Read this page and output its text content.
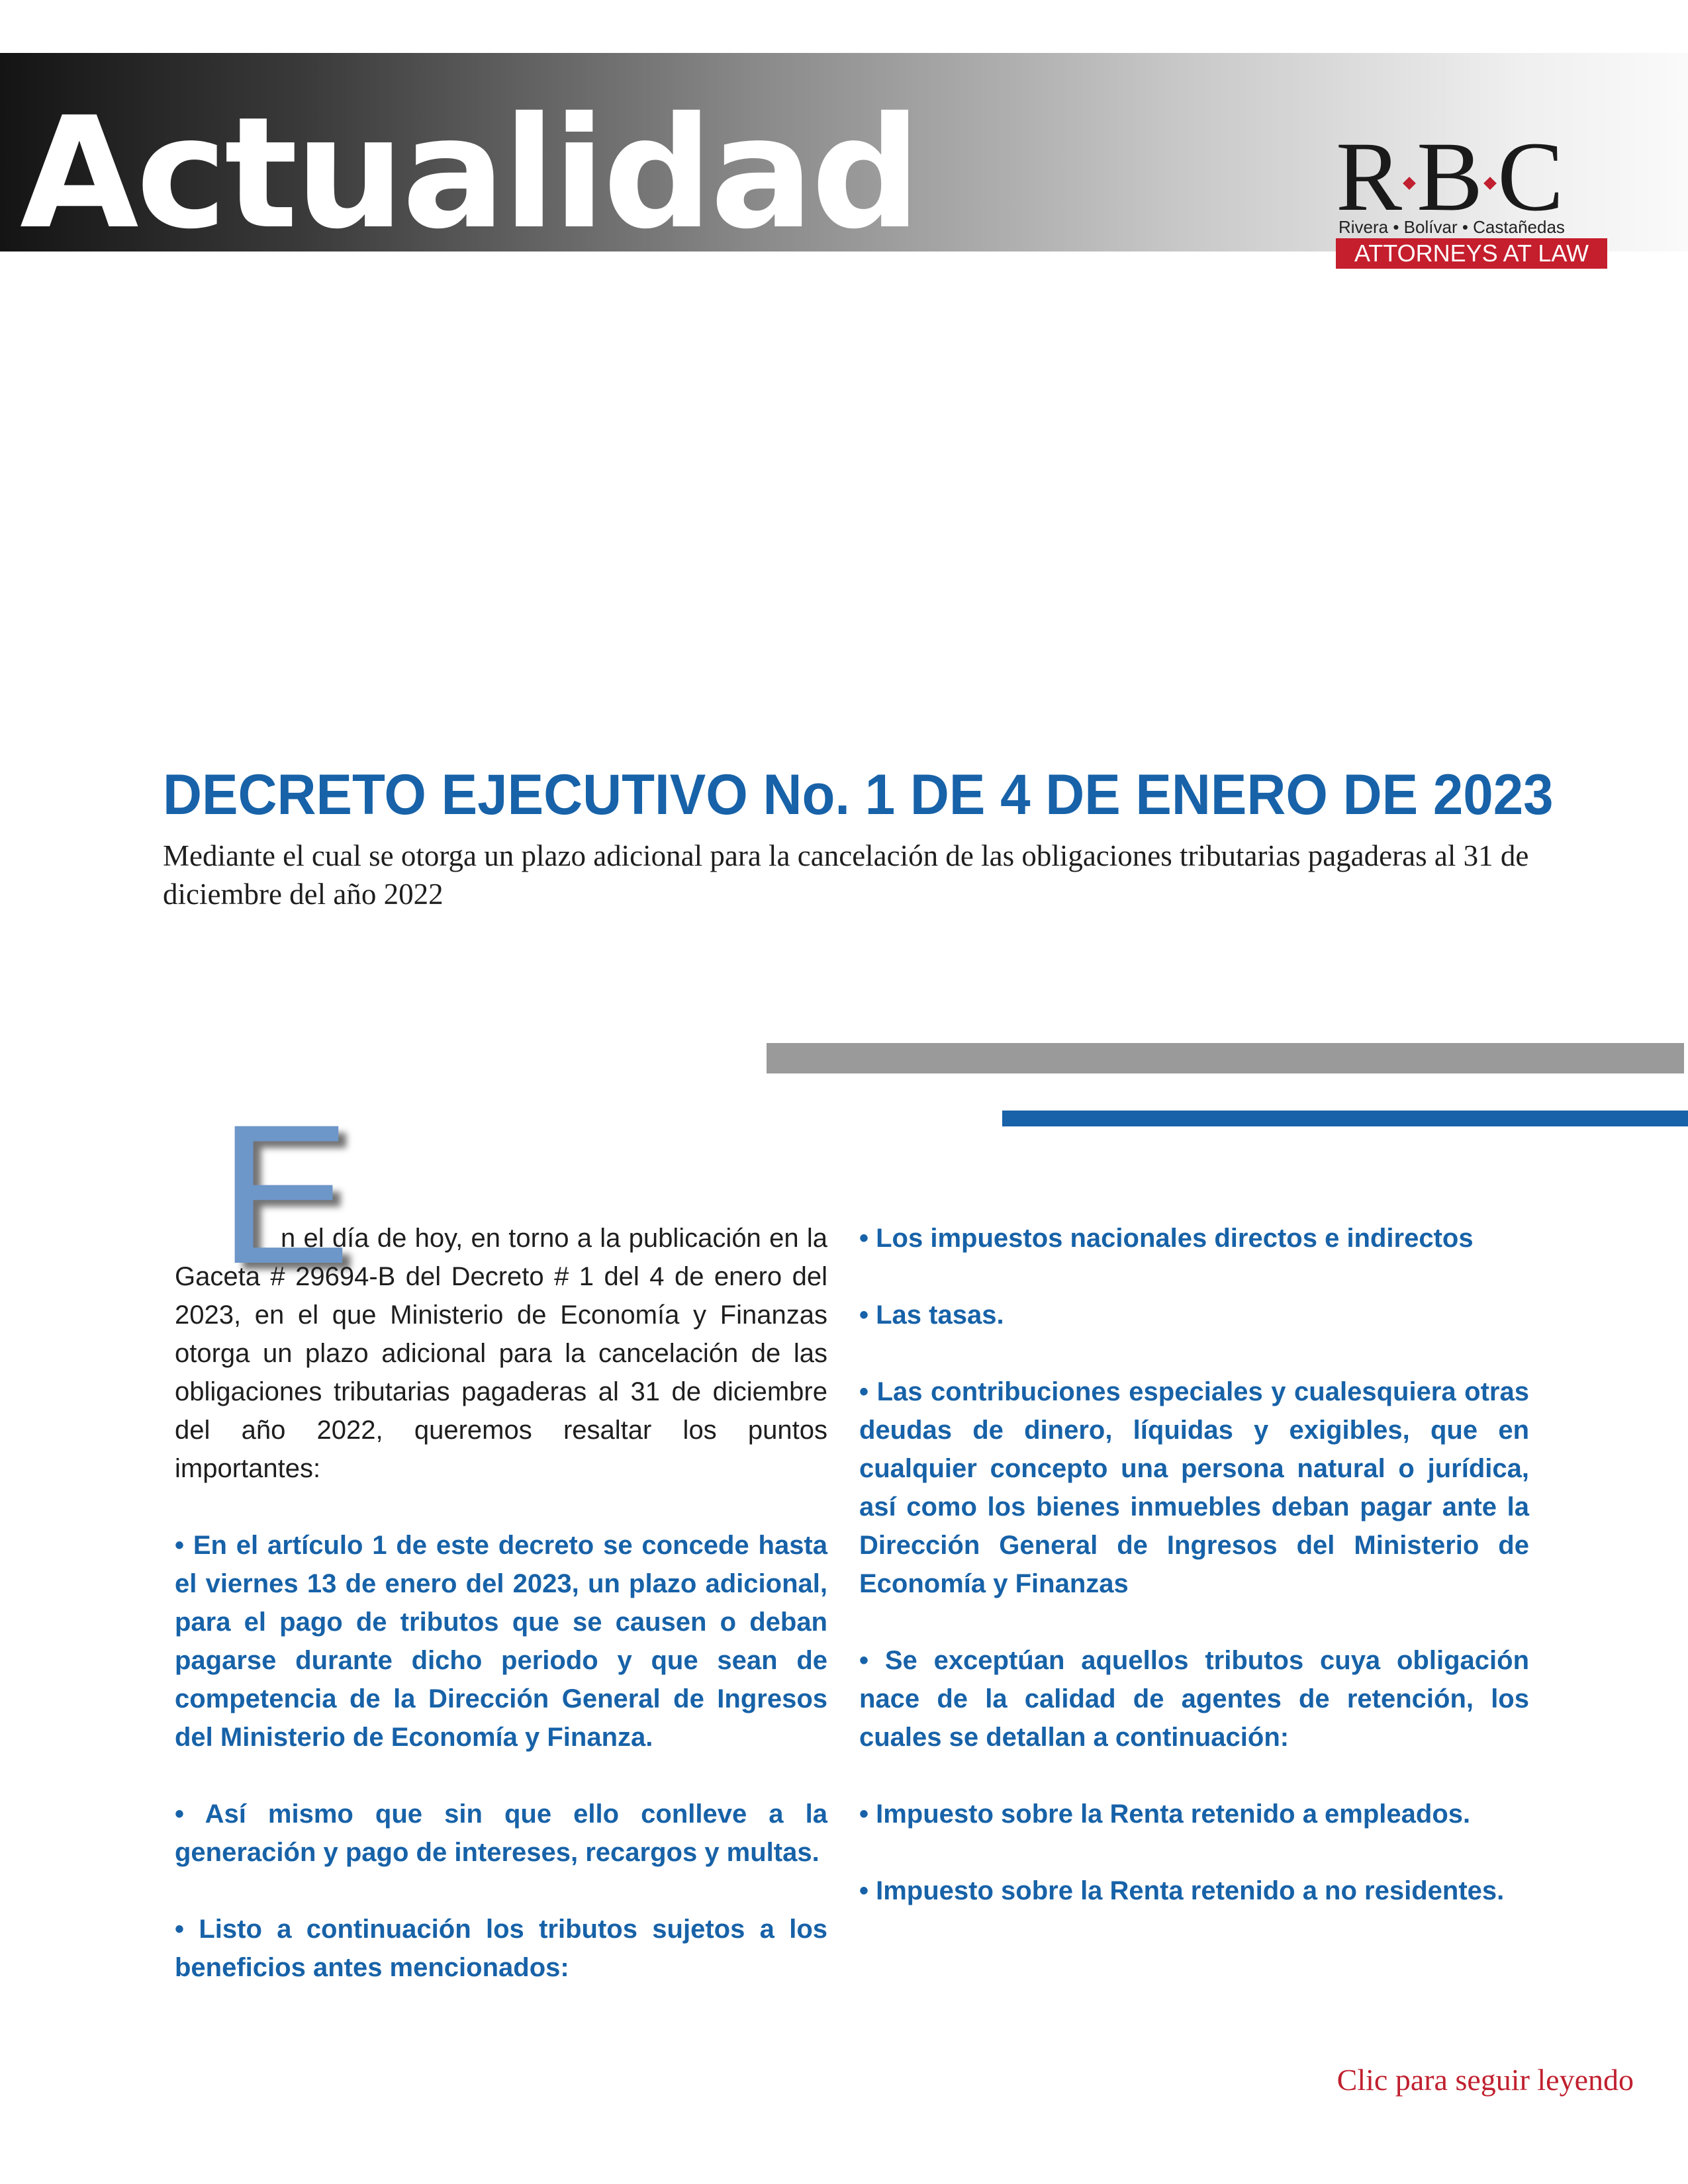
Actualidad	R B C
Rivera • Bolívar • Castañedas
ATTORNEYS AT LAW
DECRETO EJECUTIVO No. 1 DE 4 DE ENERO DE 2023
Mediante el cual se otorga un plazo adicional para la cancelación de las obligaciones tributarias pagaderas al 31 de diciembre del año 2022
E

n el día de hoy, en torno a la publicación en la Gaceta # 29694-B del Decreto # 1 del 4 de enero del 2023, en el que Ministerio de Economía y Finanzas otorga un plazo adicional para la cancelación de las obligaciones tributarias pagaderas al 31 de diciembre del año 2022, queremos resaltar los puntos importantes:

• En el artículo 1 de este decreto se concede hasta el viernes 13 de enero del 2023, un plazo adicional, para el pago de tributos que se causen o deban pagarse durante dicho periodo y que sean de competencia de la Dirección General de Ingresos del Ministerio de Economía y Finanza.

• Así mismo que sin que ello conlleve a la generación y pago de intereses, recargos y multas.

• Listo a continuación los tributos sujetos a los beneficios antes mencionados:

• Los impuestos nacionales directos e indirectos

• Las tasas.

• Las contribuciones especiales y cualesquiera otras deudas de dinero, líquidas y exigibles, que en cualquier concepto una persona natural o jurídica, así como los bienes inmuebles deban pagar ante la Dirección General de Ingresos del Ministerio de Economía y Finanzas

• Se exceptúan aquellos tributos cuya obligación nace de la calidad de agentes de retención, los cuales se detallan a continuación:

• Impuesto sobre la Renta retenido a empleados.

• Impuesto sobre la Renta retenido a no residentes.

Clic para seguir leyendo
